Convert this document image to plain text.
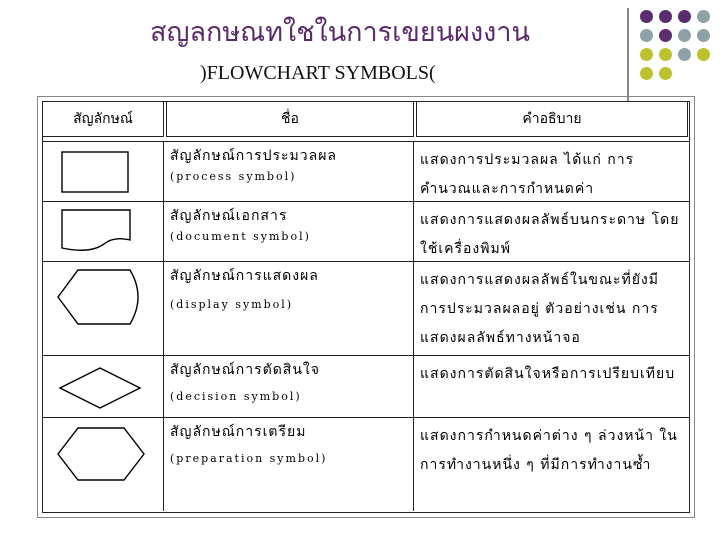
สญลกษณทใชในการเขยนผงงาน
)FLOWCHART SYMBOLS(
สัญลักษณ์	ชื่อ	คำอธิบาย
สัญลักษณ์การประมวลผล
(process symbol)
แสดงการประมวลผล ได้แก่ การคำนวณและการกำหนดค่า
สัญลักษณ์เอกสาร
(document symbol)
แสดงการแสดงผลลัพธ์บนกระดาษ โดยใช้เครื่องพิมพ์
สัญลักษณ์การแสดงผล
(display symbol)
แสดงการแสดงผลลัพธ์ในขณะที่ยังมีการประมวลผลอยู่ ตัวอย่างเช่น การแสดงผลลัพธ์ทางหน้าจอ
สัญลักษณ์การตัดสินใจ
(decision symbol)
แสดงการตัดสินใจหรือการเปรียบเทียบ
สัญลักษณ์การเตรียม
(preparation symbol)
แสดงการกำหนดค่าต่าง ๆ ล่วงหน้า ในการทำงานหนึ่ง ๆ ที่มีการทำงานซ้ำ
